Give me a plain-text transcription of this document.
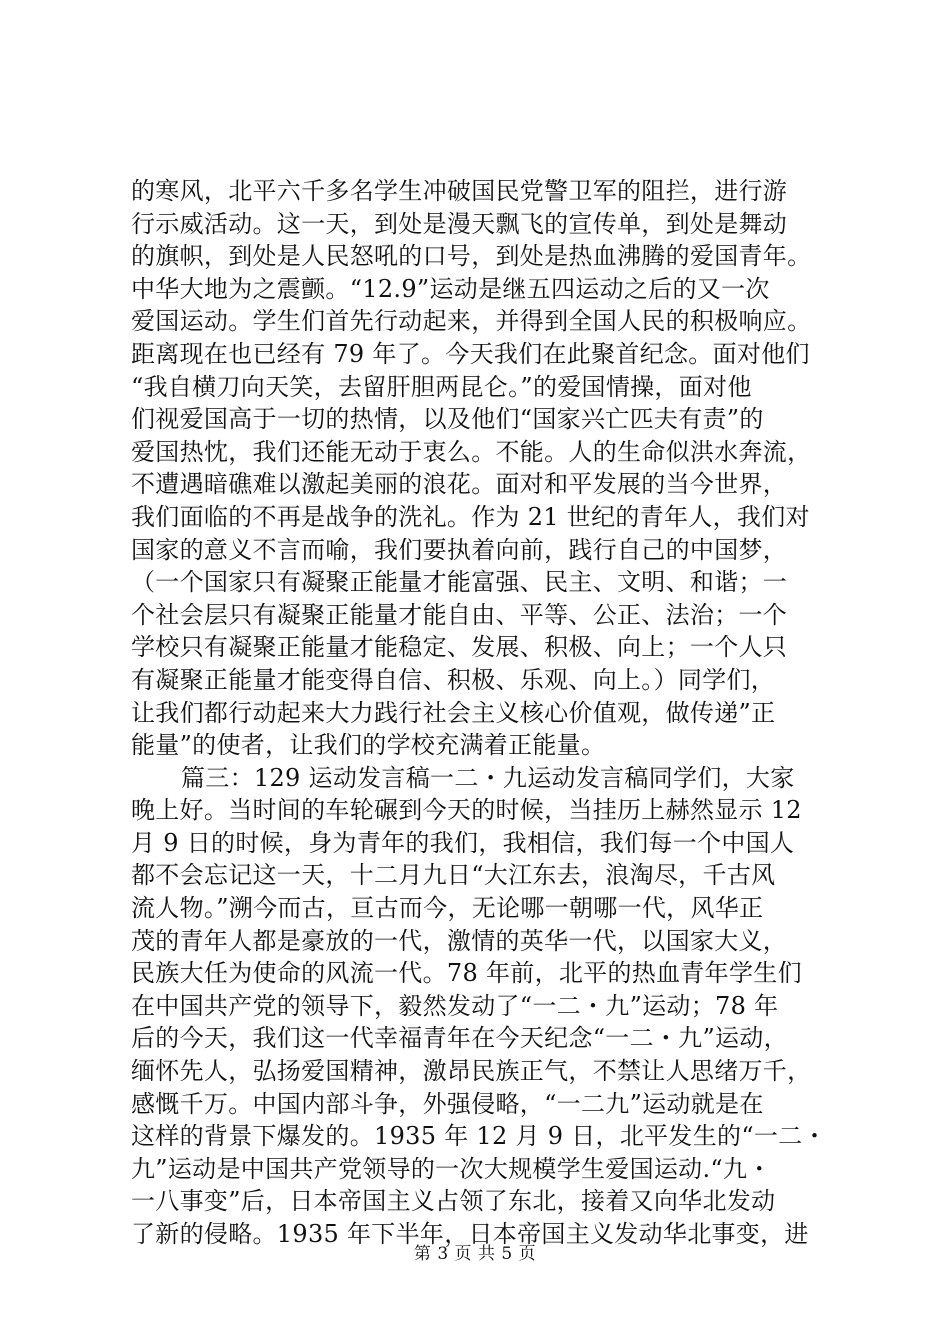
的寒风，北平六千多名学生冲破国民党警卫军的阻拦，进行游
行示威活动。这一天，到处是漫天飘飞的宣传单，到处是舞动
的旗帜，到处是人民怒吼的口号，到处是热血沸腾的爱国青年。
中华大地为之震颤。“12.9”运动是继五四运动之后的又一次
爱国运动。学生们首先行动起来，并得到全国人民的积极响应。
距离现在也已经有 79 年了。今天我们在此聚首纪念。面对他们
“我自横刀向天笑，去留肝胆两昆仑。”的爱国情操，面对他
们视爱国高于一切的热情，以及他们“国家兴亡匹夫有责”的
爱国热忱，我们还能无动于衷么。不能。人的生命似洪水奔流，
不遭遇暗礁难以激起美丽的浪花。面对和平发展的当今世界，
我们面临的不再是战争的洗礼。作为 21 世纪的青年人，我们对
国家的意义不言而喻，我们要执着向前，践行自己的中国梦，
（一个国家只有凝聚正能量才能富强、民主、文明、和谐；一
个社会层只有凝聚正能量才能自由、平等、公正、法治；一个
学校只有凝聚正能量才能稳定、发展、积极、向上；一个人只
有凝聚正能量才能变得自信、积极、乐观、向上。）同学们，
让我们都行动起来大力践行社会主义核心价值观，做传递”正
能量”的使者，让我们的学校充满着正能量。
篇三：129 运动发言稿一二・九运动发言稿同学们，大家
晚上好。当时间的车轮碾到今天的时候，当挂历上赫然显示 12
月 9 日的时候，身为青年的我们，我相信，我们每一个中国人
都不会忘记这一天，十二月九日“大江东去，浪淘尽，千古风
流人物。”溯今而古，亘古而今，无论哪一朝哪一代，风华正
茂的青年人都是豪放的一代，激情的英华一代，以国家大义，
民族大任为使命的风流一代。78 年前，北平的热血青年学生们
在中国共产党的领导下，毅然发动了“一二・九”运动；78 年
后的今天，我们这一代幸福青年在今天纪念“一二・九”运动，
缅怀先人，弘扬爱国精神，激昂民族正气，不禁让人思绪万千，
感慨千万。中国内部斗争，外强侵略，“一二九”运动就是在
这样的背景下爆发的。1935 年 12 月 9 日，北平发生的“一二・
九”运动是中国共产党领导的一次大规模学生爱国运动.“九・
一八事变”后，日本帝国主义占领了东北，接着又向华北发动
了新的侵略。1935 年下半年，日本帝国主义发动华北事变，进
第 3 页 共 5 页
